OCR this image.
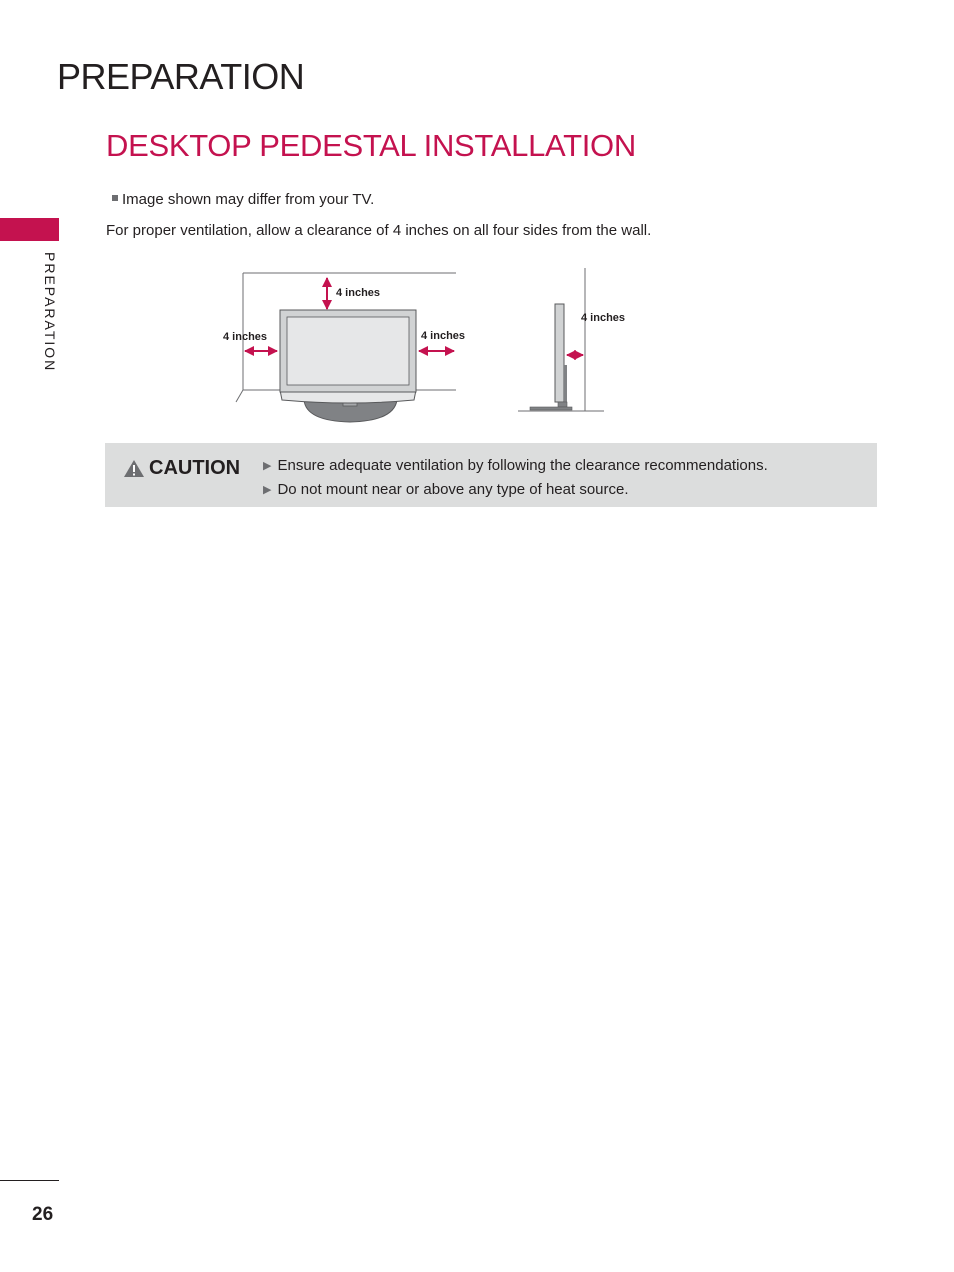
PREPARATION
PREPARATION
DESKTOP PEDESTAL INSTALLATION
Image shown may differ from your TV.
For proper ventilation, allow a clearance of 4 inches on all four sides from the wall.
4 inches
4 inches	4 inches
4 inches
CAUTION ▶ Ensure adequate ventilation by following the clearance recommendations.
▶ Do not mount near or above any type of heat source.
26
